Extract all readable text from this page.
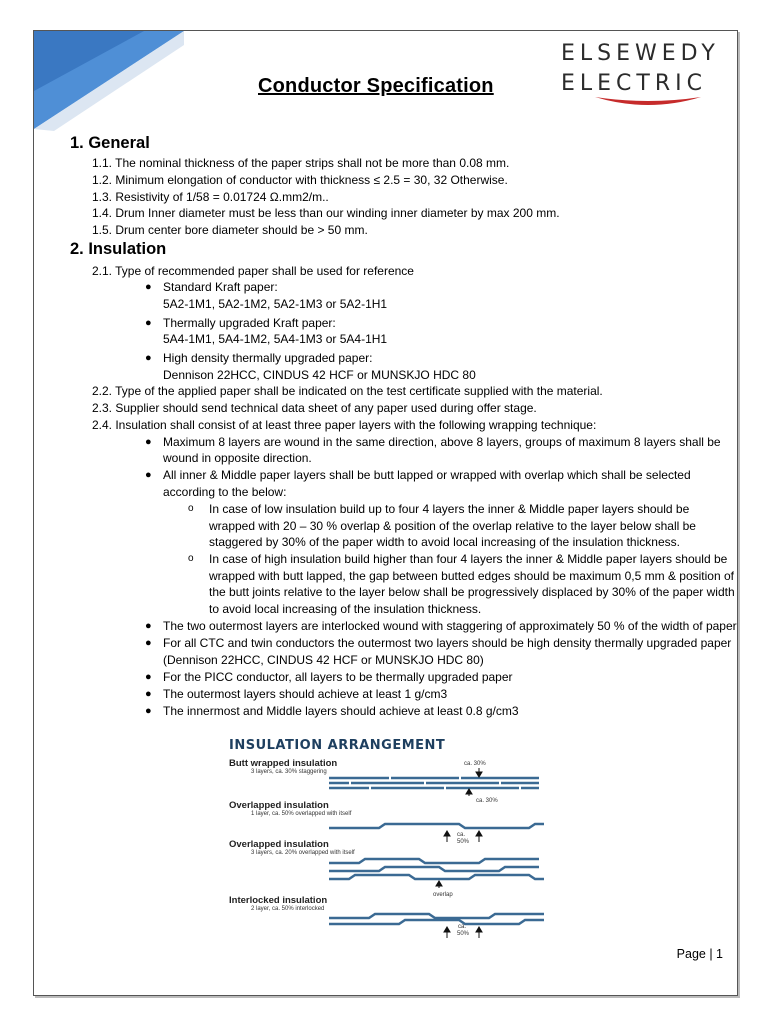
Conductor Specification
ELSEWEDY
ELECTRIC
1. General
1.1. The nominal thickness of the paper strips shall not be more than 0.08 mm.
1.2. Minimum elongation of conductor with thickness ≤ 2.5 = 30, 32 Otherwise.
1.3. Resistivity of 1/58 = 0.01724 Ω.mm2/m..
1.4. Drum Inner diameter must be less than our winding inner diameter by max 200 mm.
1.5. Drum center bore diameter should be > 50 mm.
2. Insulation
2.1. Type of recommended paper shall be used for reference
● Standard Kraft paper:
5A2-1M1, 5A2-1M2, 5A2-1M3 or 5A2-1H1
● Thermally upgraded Kraft paper:
5A4-1M1, 5A4-1M2, 5A4-1M3 or 5A4-1H1
● High density thermally upgraded paper:
Dennison 22HCC, CINDUS 42 HCF or MUNSKJO HDC 80
2.2. Type of the applied paper shall be indicated on the test certificate supplied with the material.
2.3. Supplier should send technical data sheet of any paper used during offer stage.
2.4. Insulation shall consist of at least three paper layers with the following wrapping technique:
● Maximum 8 layers are wound in the same direction, above 8 layers, groups of maximum 8 layers shall be
wound in opposite direction.
● All inner & Middle paper layers shall be butt lapped or wrapped with overlap which shall be selected
according to the below:
o In case of low insulation build up to four 4 layers the inner & Middle paper layers should be
wrapped with 20 – 30 % overlap & position of the overlap relative to the layer below shall be
staggered by 30% of the paper width to avoid local increasing of the insulation thickness.
o In case of high insulation build higher than four 4 layers the inner & Middle paper layers should be
wrapped with butt lapped, the gap between butted edges should be maximum 0,5 mm & position of
the butt joints relative to the layer below shall be progressively displaced by 30% of the paper width
to avoid local increasing of the insulation thickness.
● The two outermost layers are interlocked wound with staggering of approximately 50 % of the width of paper
● For all CTC and twin conductors the outermost two layers should be high density thermally upgraded paper
(Dennison 22HCC, CINDUS 42 HCF or MUNSKJO HDC 80)
● For the PICC conductor, all layers to be thermally upgraded paper
● The outermost layers should achieve at least 1 g/cm3
● The innermost and Middle layers should achieve at least 0.8 g/cm3
INSULATION ARRANGEMENT
Butt wrapped insulation
3 layers, ca. 30% staggering
Overlapped insulation
1 layer, ca. 50% overlapped with itself
Overlapped insulation
3 layers, ca. 20% overlapped with itself
Interlocked insulation
2 layer, ca. 50% interlocked
ca. 30%
ca. 30%
ca.
50%
overlap
ca.
50%
Page | 1
